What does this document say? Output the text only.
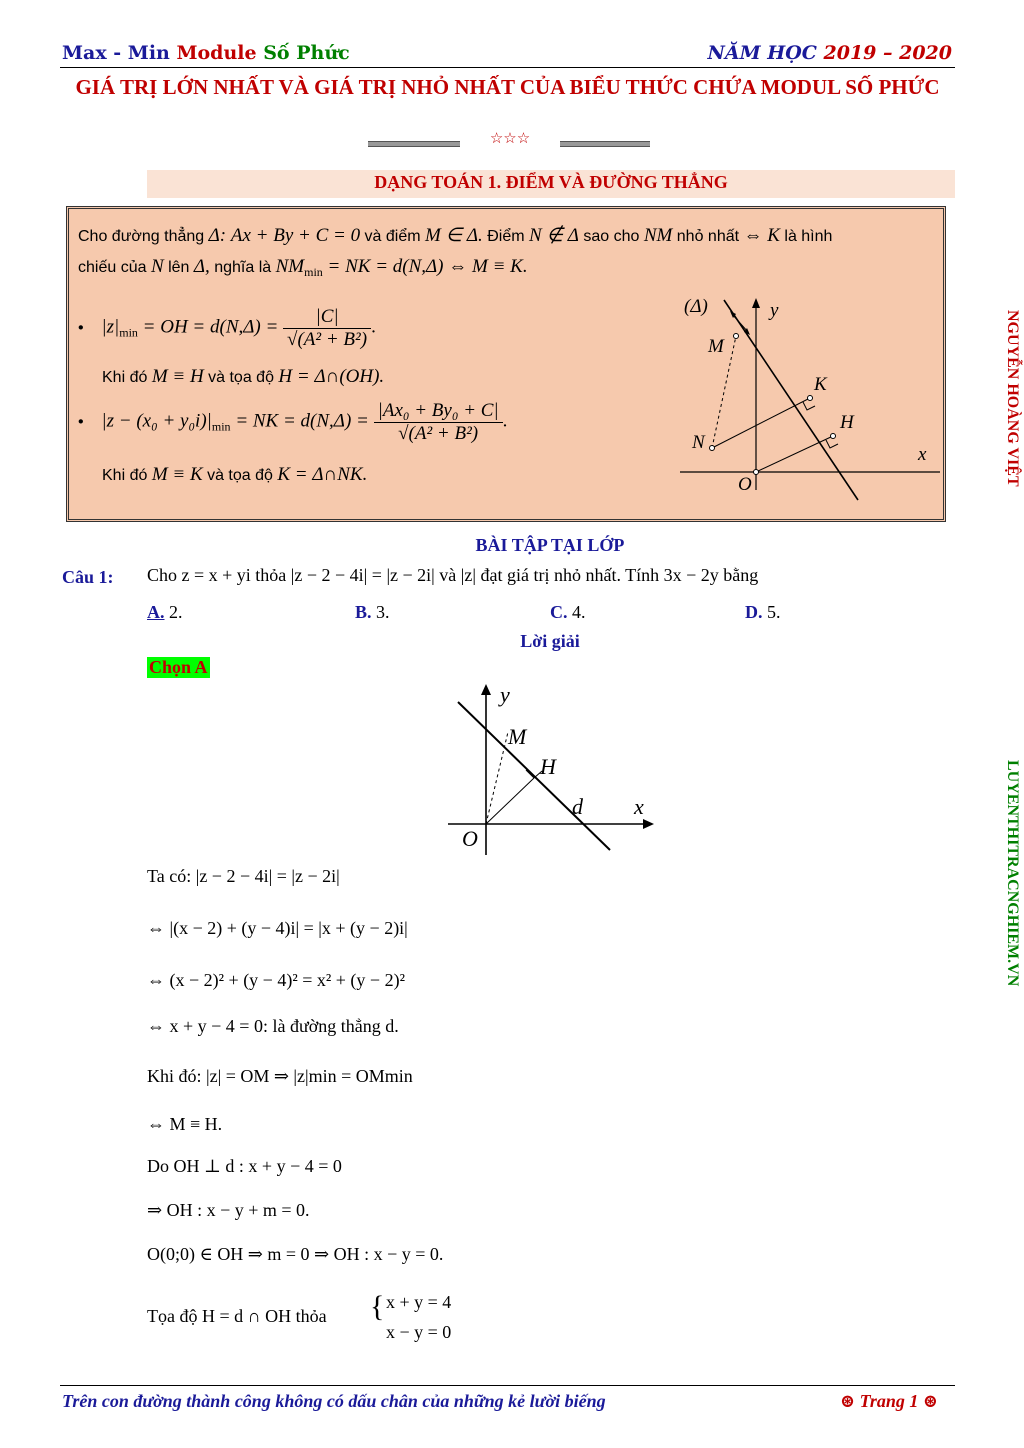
Max - Min Module Số Phức	NĂM HỌC 2019 – 2020
GIÁ TRỊ LỚN NHẤT VÀ GIÁ TRỊ NHỎ NHẤT CỦA BIỂU THỨC CHỨA MODUL SỐ PHỨC
☆☆☆
DẠNG TOÁN 1. ĐIỂM VÀ ĐƯỜNG THẲNG
Cho đường thẳng Δ: Ax + By + C = 0 và điểm M ∈ Δ. Điểm N ∉ Δ sao cho NM nhỏ nhất ⇔ K là hình
chiếu của N lên Δ, nghĩa là $NM_{min}$ = NK = d(N,Δ) ⇔ M ≡ K.
•    $|z|_{min}$ = OH = $d(N,\Delta) = \frac{|C|}{\text{√(A² + B²)}}$ .
Khi đó M ≡ H và tọa độ H = Δ∩(OH).
•    $|z - (x_0 + y_0i)|_{min}$ = NK = $d(N,\Delta) = \frac{\text{|Ax₀ + By₀ + C|}}{\text{√(A² + B²)}}$ .
Khi đó M ≡ K và tọa độ K = Δ∩NK.
(Δ)	y
M
K
H
N
x
O	NGUYỄN HOÀNG VIỆT
LUYENTHITRACNGHIEM.VN
BÀI TẬP TẠI LỚP
Câu 1: Cho z = x + yi thỏa |z − 2 − 4i| = |z − 2i| và |z| đạt giá trị nhỏ nhất. Tính 3x − 2y bằng
A. 2.	B. 3.	C. 4.	D. 5.
Lời giải
Chọn A
y
M
H
d x
O
Ta có: |z − 2 − 4i| = |z − 2i|
⇔ |(x − 2) + (y − 4)i| = |x + (y − 2)i|
⇔ (x − 2)² + (y − 4)² = x² + (y − 2)²
⇔ x + y − 4 = 0: là đường thẳng d.
Khi đó: |z| = OM ⇒ |z|min = OMmin
⇔ M ≡ H.
Do OH ⊥ d : x + y − 4 = 0
⇒ OH : x − y + m = 0.
O(0;0) ∈ OH ⇒ m = 0 ⇒ OH : x − y = 0.
Tọa độ H = d ∩ OH thỏa { x + y = 4
x − y = 0
Trên con đường thành công không có dấu chân của những kẻ lười biếng	⊛ Trang 1 ⊛
